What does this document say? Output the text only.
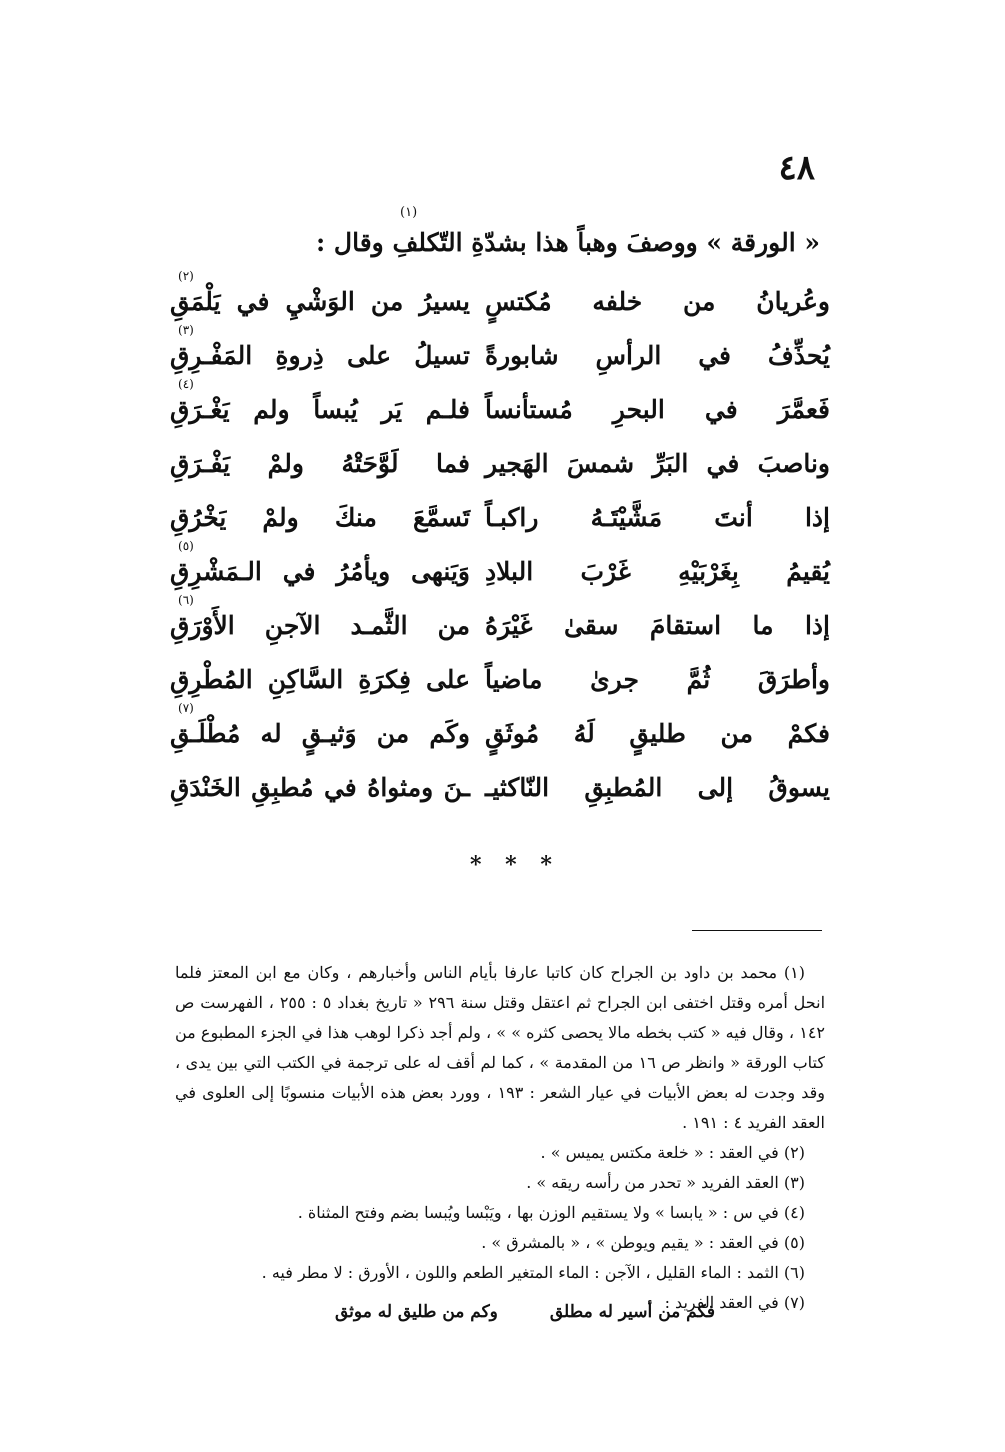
٤٨
(١)
« الورقة » ووصفَ وهباً هذا بشدّةِ التّكلفِ وقال :
وعُريانُ من خلفه مُكتسٍ
يسيرُ من الوَشْيِ في يَلْمَقِ
(٢)
يُحذِّفُ في الرأسِ شابورةً
تسيلُ على ذِروةِ المَفْـرِقِ
(٣)
فَعمَّرَ في البحرِ مُستأنساً
فلـم يَر يُبساً ولم يَغْـرَقِ
(٤)
وناصبَ في البَرِّ شمسَ الهَجير
فما لَوَّحَتْهُ ولمْ يَفْـرَقِ
إذا أنتَ مَشَّيْتَـهُ راكبـاً
تَسمَّعَ منكَ ولمْ يَخْرُقِ
يُقيمُ بِغَرْبَيْهِ غَرْبَ البلادِ
وَيَنهى ويأمُرُ في الـمَشْرِقِ
(٥)
إذا ما استقامَ سقىٰ غَيْرَهُ
من الثَّمـد الآجنِ الأَوْرَقِ
(٦)
وأطرَقَ ثُمَّ جرىٰ ماضياً
على فِكرَةِ السَّاكِنِ المُطْرِقِ
فكمْ من طليقٍ لَهُ مُوثَقٍ
وكَم من وَثيـقٍ له مُطْلَـقِ
(٧)
يسوقُ إلى المُطبِقِ النّاكثيـ
ـنَ ومثواهُ في مُطبِقِ الخَنْدَقِ
* * *
(١) محمد بن داود بن الجراح كان كاتبا عارفا بأيام الناس وأخبارهم ، وكان مع ابن المعتز فلما انحل أمره وقتل اختفى ابن الجراح ثم اعتقل وقتل سنة ٢٩٦ « تاريخ بغداد ٥ : ٢٥٥ ، الفهرست ص ١٤٢ ، وقال فيه « كتب بخطه مالا يحصى كثره » » ، ولم أجد ذكرا لوهب هذا في الجزء المطبوع من كتاب الورقة « وانظر ص ١٦ من المقدمة » ، كما لم أقف له على ترجمة في الكتب التي بين يدى ، وقد وجدت له بعض الأبيات في عيار الشعر : ١٩٣ ، وورد بعض هذه الأبيات منسوبًا إلى العلوى في العقد الفريد ٤ : ١٩١ .
(٢) في العقد : « خلعة مكتس يميس » .
(٣) العقد الفريد « تحدر من رأسه ريقه » .
(٤) في س : « يابسا » ولا يستقيم الوزن بها ، ويَبْسا ويُبسا بضم وفتح المثناة .
(٥) في العقد : « يقيم ويوطن » ، « بالمشرق » .
(٦) الثمد : الماء القليل ، الآجن : الماء المتغير الطعم واللون ، الأورق : لا مطر فيه .
(٧) في العقد الفريد :
فكم من أسير له مطلق
وكم من طليق له موثق
